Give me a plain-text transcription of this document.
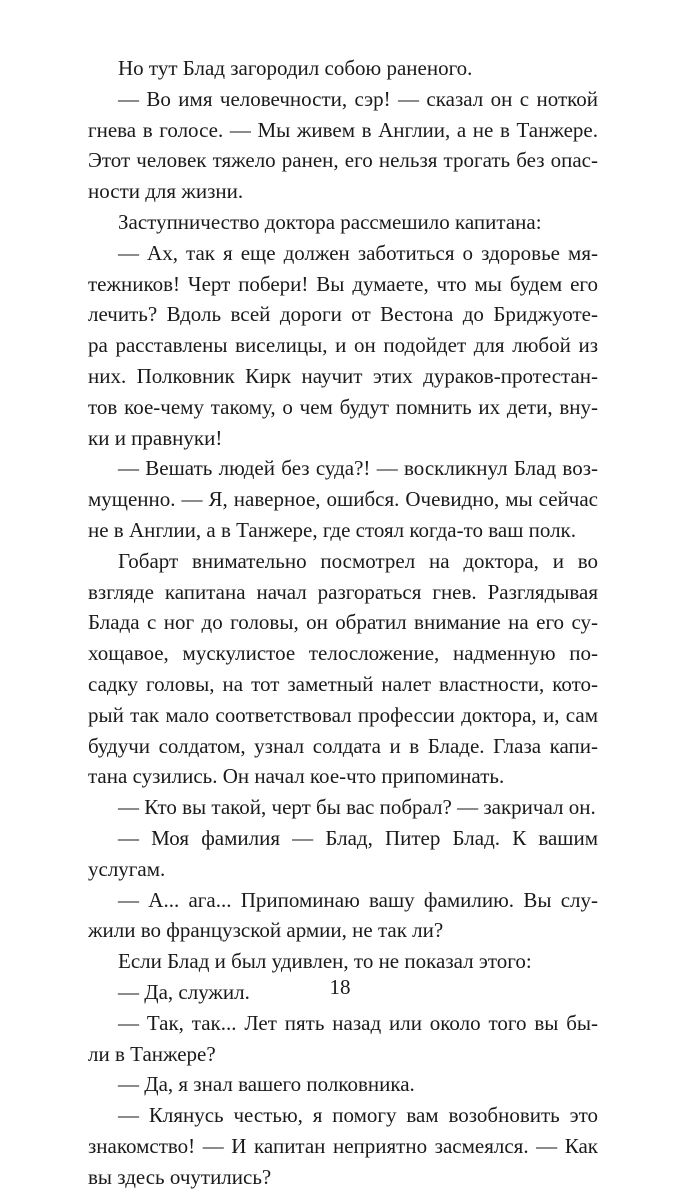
Но тут Блад загородил собою раненого.
— Во имя человечности, сэр! — сказал он с ноткой
гнева в голосе. — Мы живем в Англии, а не в Танжере.
Этот человек тяжело ранен, его нельзя трогать без опас-
ности для жизни.
Заступничество доктора рассмешило капитана:
— Ах, так я еще должен заботиться о здоровье мя-
тежников! Черт побери! Вы думаете, что мы будем его
лечить? Вдоль всей дороги от Вестона до Бриджуоте-
ра расставлены виселицы, и он подойдет для любой из
них. Полковник Кирк научит этих дураков-протестан-
тов кое-чему такому, о чем будут помнить их дети, вну-
ки и правнуки!
— Вешать людей без суда?! — воскликнул Блад воз-
мущенно. — Я, наверное, ошибся. Очевидно, мы сейчас
не в Англии, а в Танжере, где стоял когда-то ваш полк.
Гобарт внимательно посмотрел на доктора, и во
взгляде капитана начал разгораться гнев. Разглядывая
Блада с ног до головы, он обратил внимание на его су-
хощавое, мускулистое телосложение, надменную по-
садку головы, на тот заметный налет властности, кото-
рый так мало соответствовал профессии доктора, и, сам
будучи солдатом, узнал солдата и в Бладе. Глаза капи-
тана сузились. Он начал кое-что припоминать.
— Кто вы такой, черт бы вас побрал? — закричал он.
— Моя фамилия — Блад, Питер Блад. К вашим
услугам.
— А... ага... Припоминаю вашу фамилию. Вы слу-
жили во французской армии, не так ли?
Если Блад и был удивлен, то не показал этого:
— Да, служил.
— Так, так... Лет пять назад или около того вы бы-
ли в Танжере?
— Да, я знал вашего полковника.
— Клянусь честью, я помогу вам возобновить это
знакомство! — И капитан неприятно засмеялся. — Как
вы здесь очутились?
18
